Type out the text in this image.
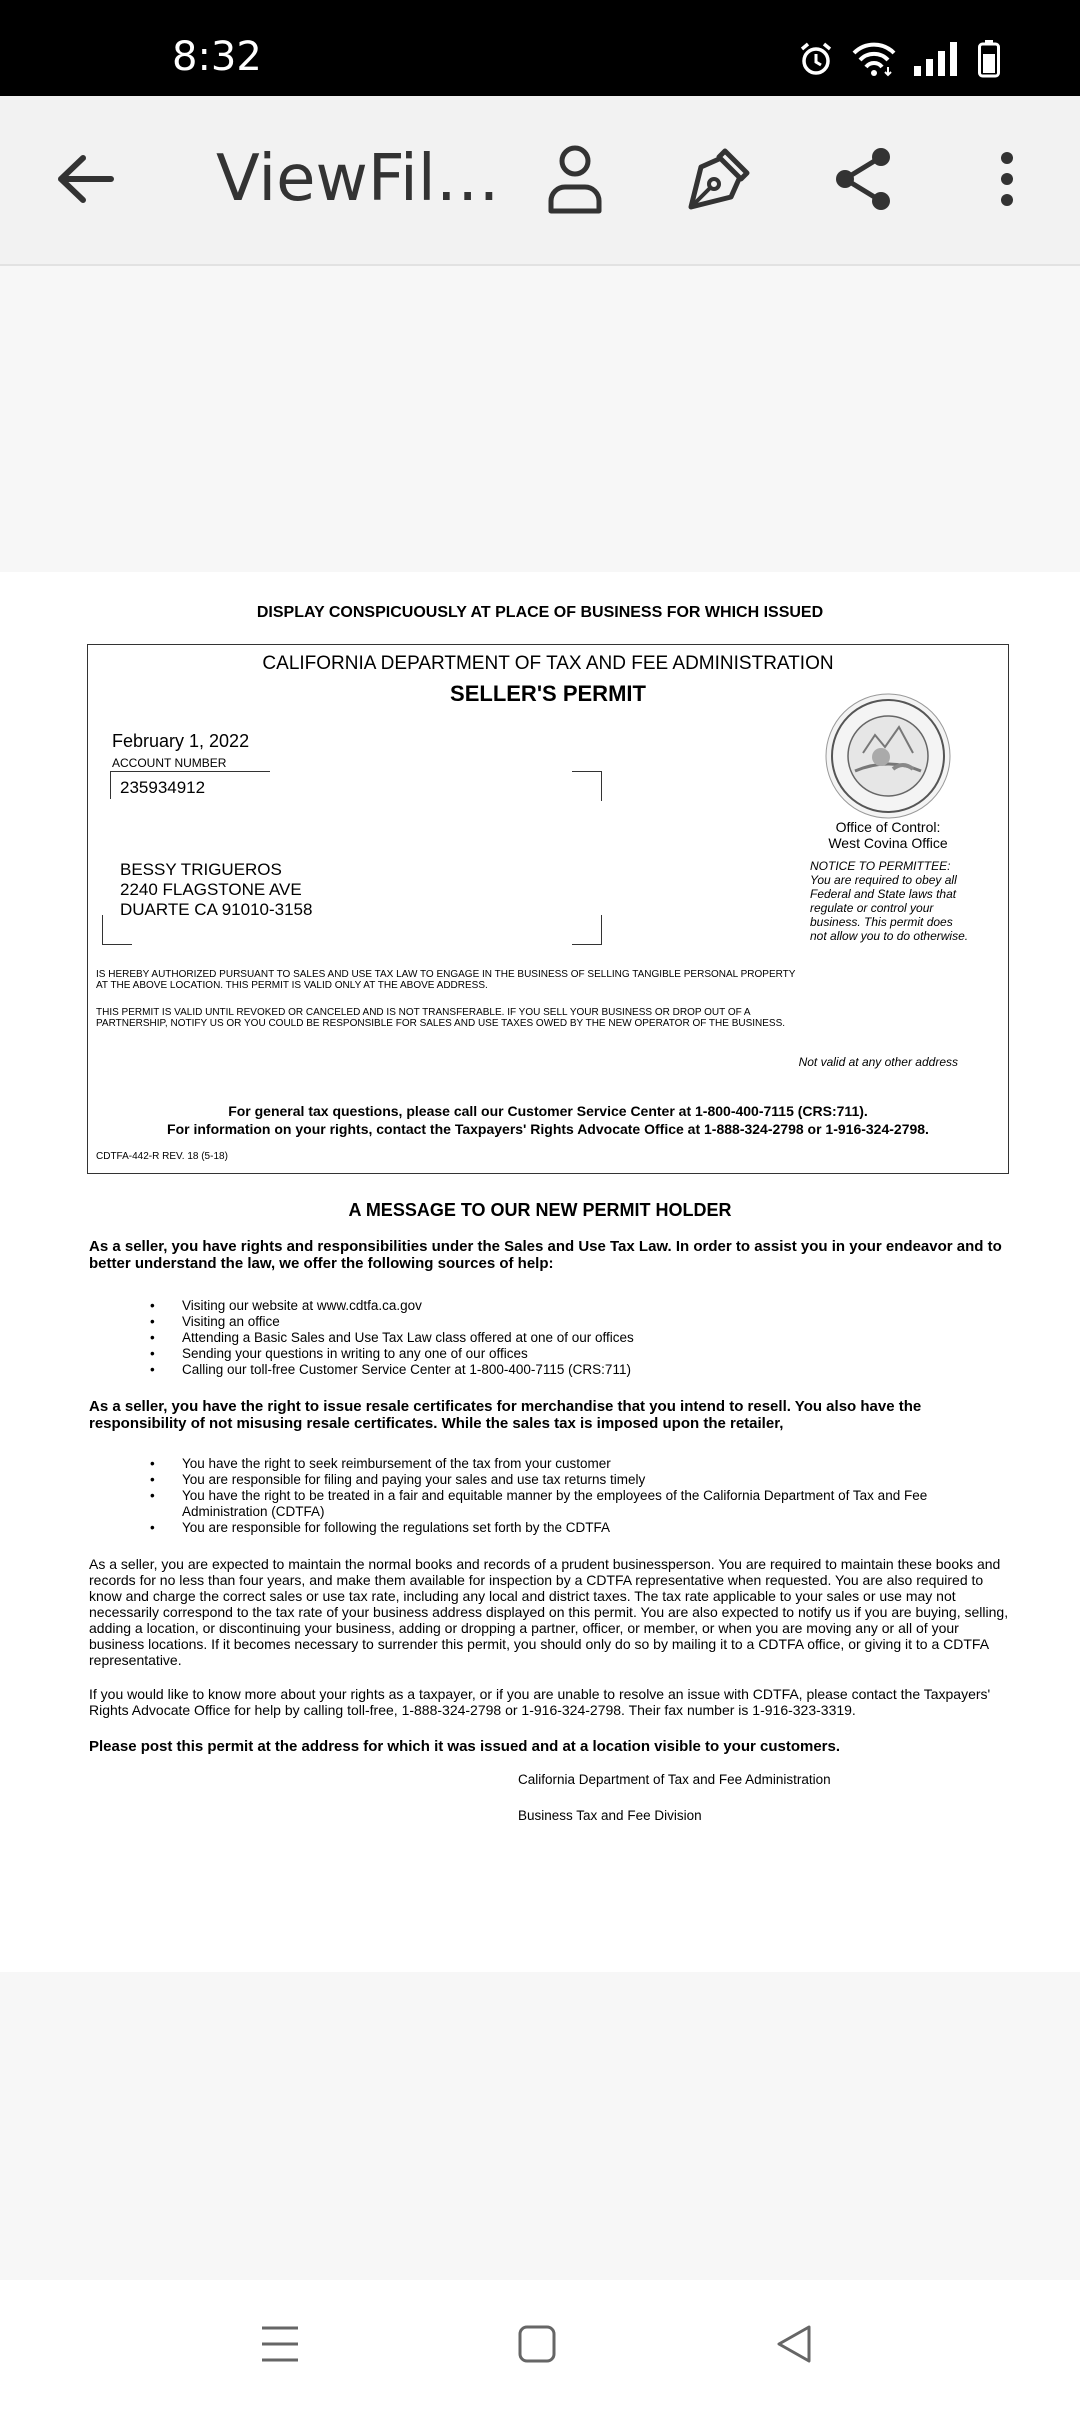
8:32
ViewFil…
DISPLAY CONSPICUOUSLY AT PLACE OF BUSINESS FOR WHICH ISSUED
CALIFORNIA DEPARTMENT OF TAX AND FEE ADMINISTRATION
SELLER'S PERMIT
February 1, 2022
ACCOUNT NUMBER
235934912
BESSY TRIGUEROS
2240 FLAGSTONE AVE
DUARTE CA 91010-3158
Office of Control:
West Covina Office
NOTICE TO PERMITTEE: You are required to obey all Federal and State laws that regulate or control your business. This permit does not allow you to do otherwise.
IS HEREBY AUTHORIZED PURSUANT TO SALES AND USE TAX LAW TO ENGAGE IN THE BUSINESS OF SELLING TANGIBLE PERSONAL PROPERTY AT THE ABOVE LOCATION. THIS PERMIT IS VALID ONLY AT THE ABOVE ADDRESS.
THIS PERMIT IS VALID UNTIL REVOKED OR CANCELED AND IS NOT TRANSFERABLE. IF YOU SELL YOUR BUSINESS OR DROP OUT OF A PARTNERSHIP, NOTIFY US OR YOU COULD BE RESPONSIBLE FOR SALES AND USE TAXES OWED BY THE NEW OPERATOR OF THE BUSINESS.
Not valid at any other address
For general tax questions, please call our Customer Service Center at 1-800-400-7115 (CRS:711).
For information on your rights, contact the Taxpayers' Rights Advocate Office at 1-888-324-2798 or 1-916-324-2798.
CDTFA-442-R REV. 18 (5-18)
A MESSAGE TO OUR NEW PERMIT HOLDER
As a seller, you have rights and responsibilities under the Sales and Use Tax Law. In order to assist you in your endeavor and to better understand the law, we offer the following sources of help:
• Visiting our website at www.cdtfa.ca.gov
• Visiting an office
• Attending a Basic Sales and Use Tax Law class offered at one of our offices
• Sending your questions in writing to any one of our offices
• Calling our toll-free Customer Service Center at 1-800-400-7115 (CRS:711)
As a seller, you have the right to issue resale certificates for merchandise that you intend to resell. You also have the responsibility of not misusing resale certificates. While the sales tax is imposed upon the retailer,
• You have the right to seek reimbursement of the tax from your customer
• You are responsible for filing and paying your sales and use tax returns timely
• You have the right to be treated in a fair and equitable manner by the employees of the California Department of Tax and Fee Administration (CDTFA)
• You are responsible for following the regulations set forth by the CDTFA
As a seller, you are expected to maintain the normal books and records of a prudent businessperson. You are required to maintain these books and records for no less than four years, and make them available for inspection by a CDTFA representative when requested. You are also required to know and charge the correct sales or use tax rate, including any local and district taxes. The tax rate applicable to your sales or use may not necessarily correspond to the tax rate of your business address displayed on this permit. You are also expected to notify us if you are buying, selling, adding a location, or discontinuing your business, adding or dropping a partner, officer, or member, or when you are moving any or all of your business locations. If it becomes necessary to surrender this permit, you should only do so by mailing it to a CDTFA office, or giving it to a CDTFA representative.
If you would like to know more about your rights as a taxpayer, or if you are unable to resolve an issue with CDTFA, please contact the Taxpayers' Rights Advocate Office for help by calling toll-free, 1-888-324-2798 or 1-916-324-2798. Their fax number is 1-916-323-3319.
Please post this permit at the address for which it was issued and at a location visible to your customers.
California Department of Tax and Fee Administration
Business Tax and Fee Division
